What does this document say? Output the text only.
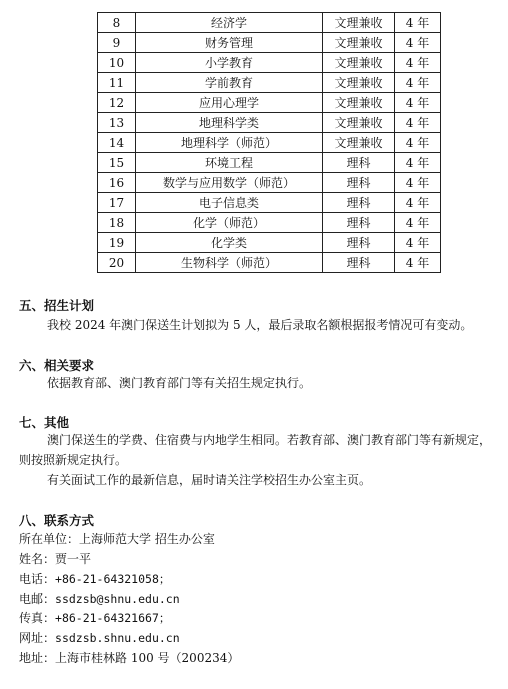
8	经济学	文理兼收	4 年
9	财务管理	文理兼收	4 年
10	小学教育	文理兼收	4 年
11	学前教育	文理兼收	4 年
12	应用心理学	文理兼收	4 年
13	地理科学类	文理兼收	4 年
14	地理科学（师范）	文理兼收	4 年
15	环境工程	理科	4 年
16	数学与应用数学（师范）	理科	4 年
17	电子信息类	理科	4 年
18	化学（师范）	理科	4 年
19	化学类	理科	4 年
20	生物科学（师范）	理科	4 年
五、招生计划
我校 2024 年澳门保送生计划拟为 5 人，最后录取名额根据报考情况可有变动。
六、相关要求
依据教育部、澳门教育部门等有关招生规定执行。
七、其他
澳门保送生的学费、住宿费与内地学生相同。若教育部、澳门教育部门等有新规定，则按照新规定执行。
有关面试工作的最新信息，届时请关注学校招生办公室主页。
八、联系方式
所在单位：上海师范大学 招生办公室
姓名：贾一平
电话：+86-21-64321058；
电邮：ssdzsb@shnu.edu.cn
传真：+86-21-64321667；
网址：ssdzsb.shnu.edu.cn
地址：上海市桂林路 100 号（200234）
